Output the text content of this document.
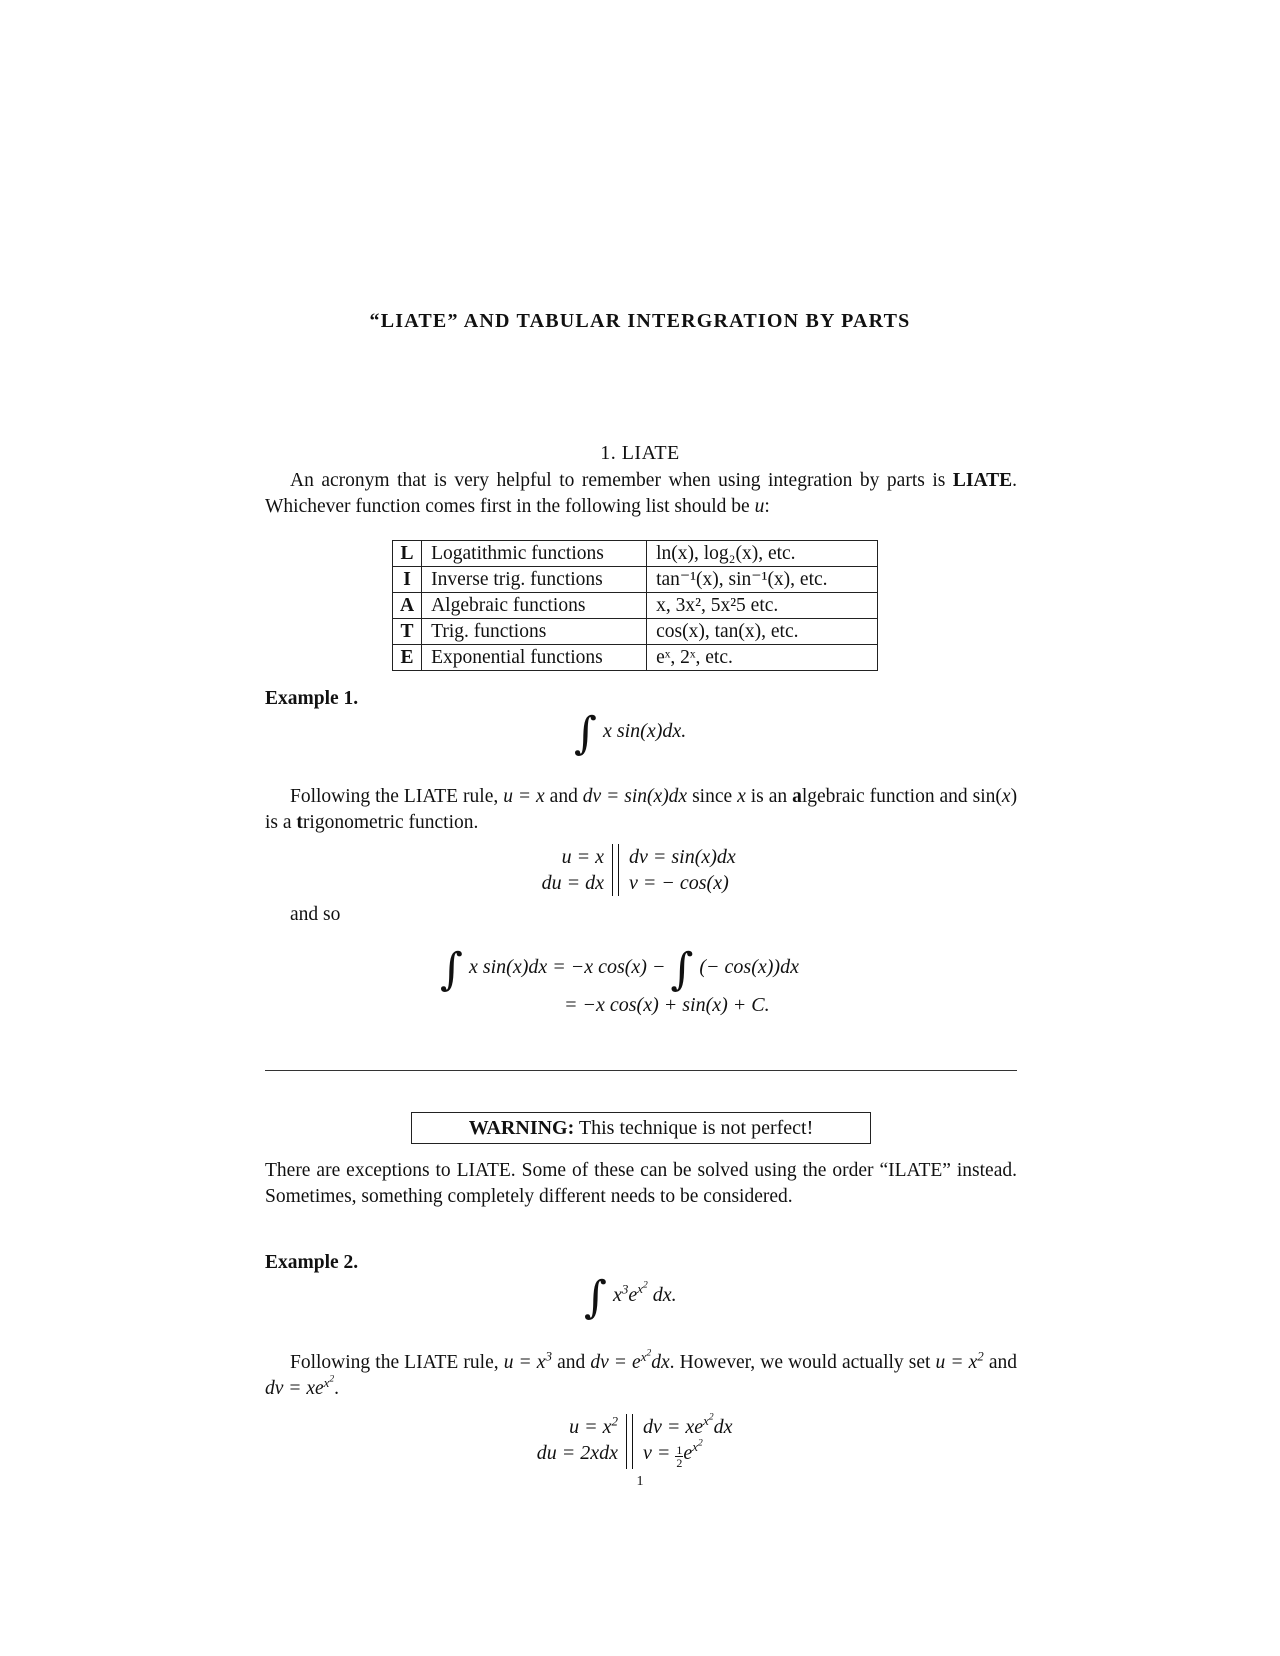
“LIATE” AND TABULAR INTERGRATION BY PARTS
1. LIATE
An acronym that is very helpful to remember when using integration by parts is LIATE. Whichever function comes first in the following list should be u:
L	Logatithmic functions	ln(x), log₂(x), etc.
I	Inverse trig. functions	tan⁻¹(x), sin⁻¹(x), etc.
A	Algebraic functions	x, 3x², 5x²5 etc.
T	Trig. functions	cos(x), tan(x), etc.
E	Exponential functions	eˣ, 2ˣ, etc.
Example 1.
∫ x sin(x)dx.
Following the LIATE rule, u = x and dv = sin(x)dx since x is an algebraic function and sin(x) is a trigonometric function.
u = x
du = dx
dv = sin(x)dx
v = − cos(x)
and so
∫ x sin(x)dx = −x cos(x) − ∫ (− cos(x))dx
= −x cos(x) + sin(x) + C.
WARNING: This technique is not perfect!
There are exceptions to LIATE. Some of these can be solved using the order “ILATE” instead. Sometimes, something completely different needs to be considered.
Example 2.
∫ $x^3e^{x^2}$ dx.
Following the LIATE rule, $u = x^3$ and dv = $e^{x^2}dx$. However, we would actually set $u = x^2$ and dv = $xe^{x^2}$.
$u = x^2$
du = 2xdx
dv = $xe^{x^2}dx$
$v = \frac{1}{2} e^{x^2}$
1
